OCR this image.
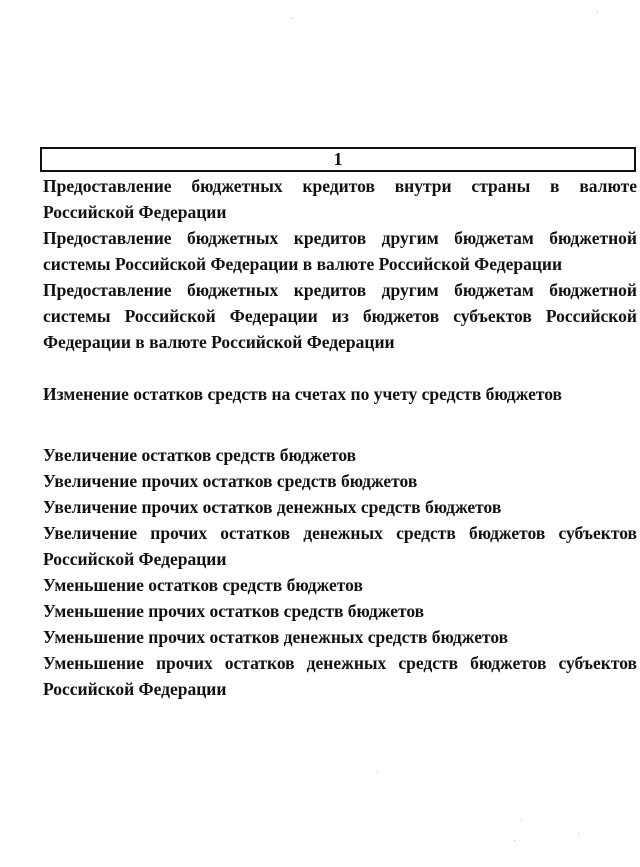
1

Предоставление бюджетных кредитов внутри страны в валюте Российской Федерации

Предоставление бюджетных кредитов другим бюджетам бюджетной системы Российской Федерации в валюте Российской Федерации

Предоставление бюджетных кредитов другим бюджетам бюджетной системы Российской Федерации из бюджетов субъектов Российской Федерации в валюте Российской Федерации

Изменение остатков средств на счетах по учету средств бюджетов

Увеличение остатков средств бюджетов

Увеличение прочих остатков средств бюджетов

Увеличение прочих остатков денежных средств бюджетов

Увеличение прочих остатков денежных средств бюджетов субъектов Российской Федерации

Уменьшение остатков средств бюджетов

Уменьшение прочих остатков средств бюджетов

Уменьшение прочих остатков денежных средств бюджетов

Уменьшение прочих остатков денежных средств бюджетов субъектов Российской Федерации
